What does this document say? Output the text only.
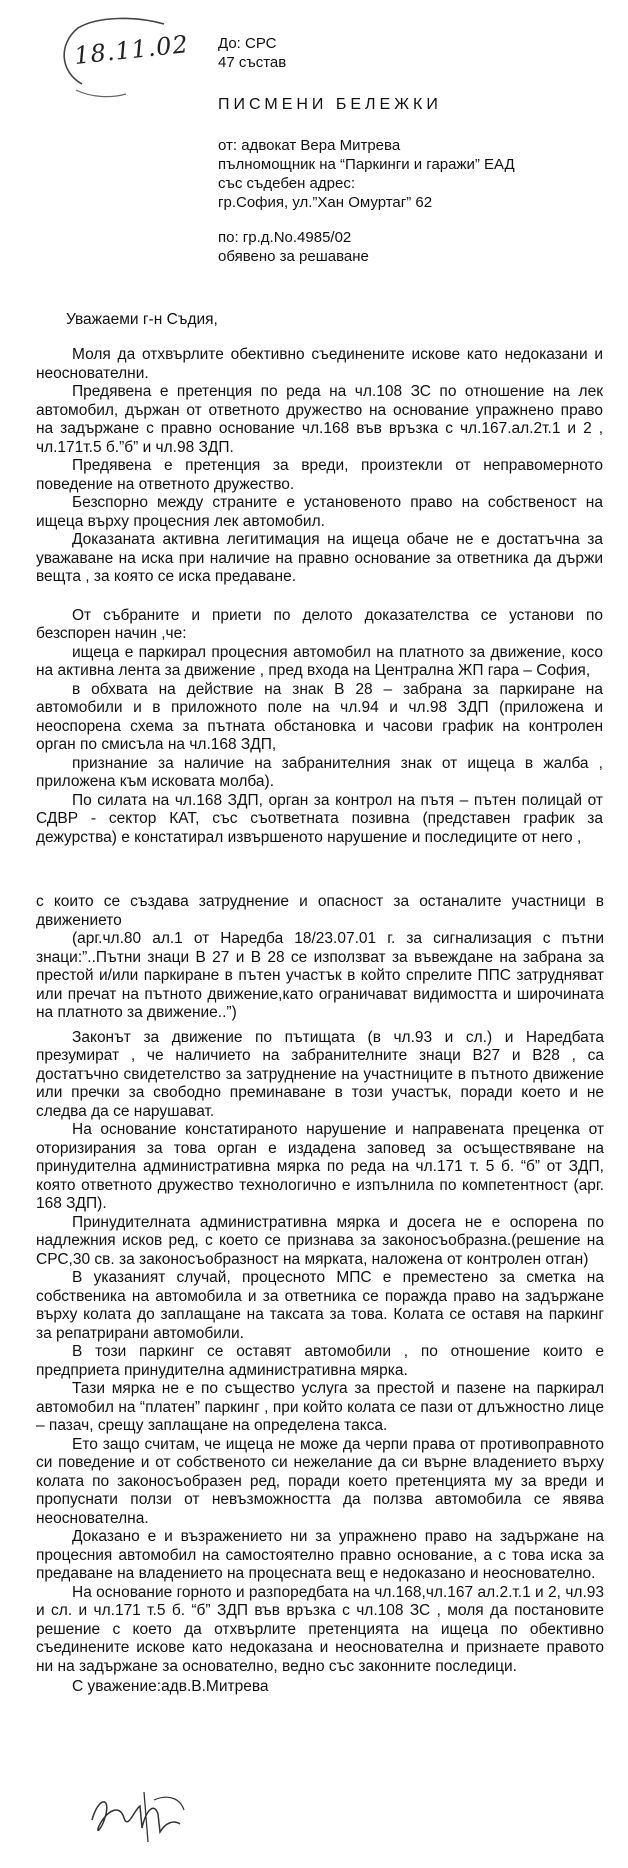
18.11.02 До: СРС
47 състав
ПИСМЕНИ БЕЛЕЖКИ
от: адвокат Вера Митрева
пълномощник на “Паркинги и гаражи” ЕАД
със съдебен адрес:
гр.София, ул.”Хан Омуртаг” 62
по: гр.д.No.4985/02
обявено за решаване
Уважаеми г-н Съдия,

Моля да отхвърлите обективно съединените искове като недоказани и неоснователни.

Предявена е претенция по реда на чл.108 ЗС по отношение на лек автомобил, държан от ответното дружество на основание упражнено право на задържане с правно основание чл.168 във връзка с чл.167.ал.2т.1 и 2 , чл.171т.5 б.”б” и чл.98 ЗДП.

Предявена е претенция за вреди, произтекли от неправомерното поведение на ответното дружество.

Безспорно между страните е установеното право на собственост на ищеца върху процесния лек автомобил.

Доказаната активна легитимация на ищеца обаче не е достатъчна за уважаване на иска при наличие на правно основание за ответника да държи вещта , за която се иска предаване.

От събраните и приети по делото доказателства се установи по безспорен начин ,че:

ищеца е паркирал процесния автомобил на платното за движение, косо на активна лента за движение , пред входа на Централна ЖП гара – София,

в обхвата на действие на знак В 28 – забрана за паркиране на автомобили и в приложното поле на чл.94 и чл.98 ЗДП (приложена и неоспорена схема за пътната обстановка и часови график на контролен орган по смисъла на чл.168 ЗДП,

признание за наличие на забранителния знак от ищеца в жалба , приложена към исковата молба).

По силата на чл.168 ЗДП, орган за контрол на пътя – пътен полицай от СДВР - сектор КАТ, със съответната позивна (представен график за дежурства) е констатирал извършеното нарушение и последиците от него ,

с които се създава затруднение и опасност за останалите участници в движението

(арг.чл.80 ал.1 от Наредба 18/23.07.01 г. за сигнализация с пътни знаци:”..Пътни знаци В 27 и В 28 се използват за въвеждане на забрана за престой и/или паркиране в пътен участък в който спрелите ППС затрудняват или пречат на пътното движение,като ограничават видимостта и широчината на платното за движение..”)

Законът за движение по пътищата (в чл.93 и сл.) и Наредбата презумират , че наличието на забранителните знаци В27 и В28 , са достатъчно свидетелство за затруднение на участниците в пътното движение или пречки за свободно преминаване в този участък, поради което и не следва да се нарушават.

На основание констатираното нарушение и направената преценка от оторизирания за това орган е издадена заповед за осъществяване на принудителна административна мярка по реда на чл.171 т. 5 б. “б” от ЗДП, която ответното дружество технологично е изпълнила по компетентност (арг. 168 ЗДП).

Принудителната административна мярка и досега не е оспорена по надлежния исков ред, с което се признава за законосъобразна.(решение на СРС,30 св. за законосъобразност на мярката, наложена от контролен отган)

В указаният случай, процесното МПС е преместено за сметка на собственика на автомобила и за ответника се поражда право на задържане върху колата до заплащане на таксата за това. Колата се оставя на паркинг за репатрирани автомобили.

В този паркинг се оставят автомобили , по отношение които е предприета принудителна административна мярка.

Тази мярка не е по същество услуга за престой и пазене на паркирал автомобил на “платен” паркинг , при който колата се пази от длъжностно лице – пазач, срещу заплащане на определена такса.

Ето защо считам, че ищеца не може да черпи права от противоправното си поведение и от собственото си нежелание да си върне владението върху колата по законосъобразен ред, поради което претенцията му за вреди и пропуснати ползи от невъзможността да ползва автомобила се явява неоснователна.

Доказано е и възражението ни за упражнено право на задържане на процесния автомобил на самостоятелно правно основание, а с това иска за предаване на владението на процесната вещ е недоказано и неоснователно.

На основание горното и разпоредбата на чл.168,чл.167 ал.2.т.1 и 2, чл.93 и сл. и чл.171 т.5 б. “б” ЗДП във връзка с чл.108 ЗС , моля да постановите решение с което да отхвърлите претенцията на ищеца по обективно съединените искове като недоказана и неоснователна и признаете правото ни на задържане за основателно, ведно със законните последици.

С уважение:адв.В.Митрева
